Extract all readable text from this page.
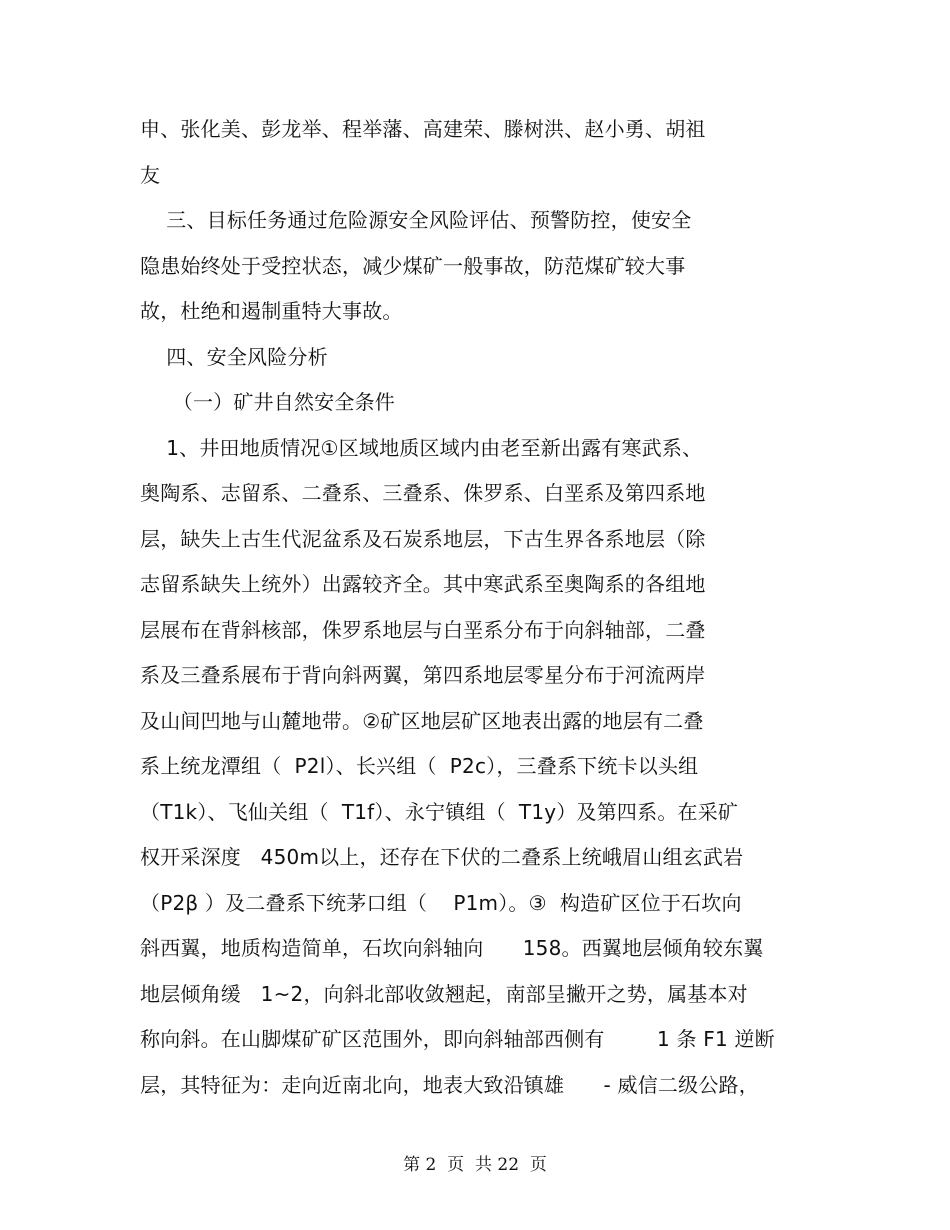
申、张化美、彭龙举、程举藩、高建荣、滕树洪、赵小勇、胡祖
友
三、目标任务通过危险源安全风险评估、预警防控，使安全
隐患始终处于受控状态，减少煤矿一般事故，防范煤矿较大事
故，杜绝和遏制重特大事故。
四、安全风险分析
（一）矿井自然安全条件
1、井田地质情况①区域地质区域内由老至新出露有寒武系、
奥陶系、志留系、二叠系、三叠系、侏罗系、白垩系及第四系地
层，缺失上古生代泥盆系及石炭系地层，下古生界各系地层（除
志留系缺失上统外）出露较齐全。其中寒武系至奥陶系的各组地
层展布在背斜核部，侏罗系地层与白垩系分布于向斜轴部，二叠
系及三叠系展布于背向斜两翼，第四系地层零星分布于河流两岸
及山间凹地与山麓地带。②矿区地层矿区地表出露的地层有二叠
系上统龙潭组（  P2l）、长兴组（  P2c），三叠系下统卡以头组
（T1k）、飞仙关组（  T1f）、永宁镇组（  T1y）及第四系。在采矿
权开采深度   450m以上，还存在下伏的二叠系上统峨眉山组玄武岩
（P2β ）及二叠系下统茅口组（    P1m）。③  构造矿区位于石坎向
斜西翼，地质构造简单，石坎向斜轴向      158。西翼地层倾角较东翼
地层倾角缓   1~2，向斜北部收敛翘起，南部呈撇开之势，属基本对
称向斜。在山脚煤矿矿区范围外，即向斜轴部西侧有        1 条 F1 逆断
层，其特征为：走向近南北向，地表大致沿镇雄      - 威信二级公路，
第 2  页  共 22  页
